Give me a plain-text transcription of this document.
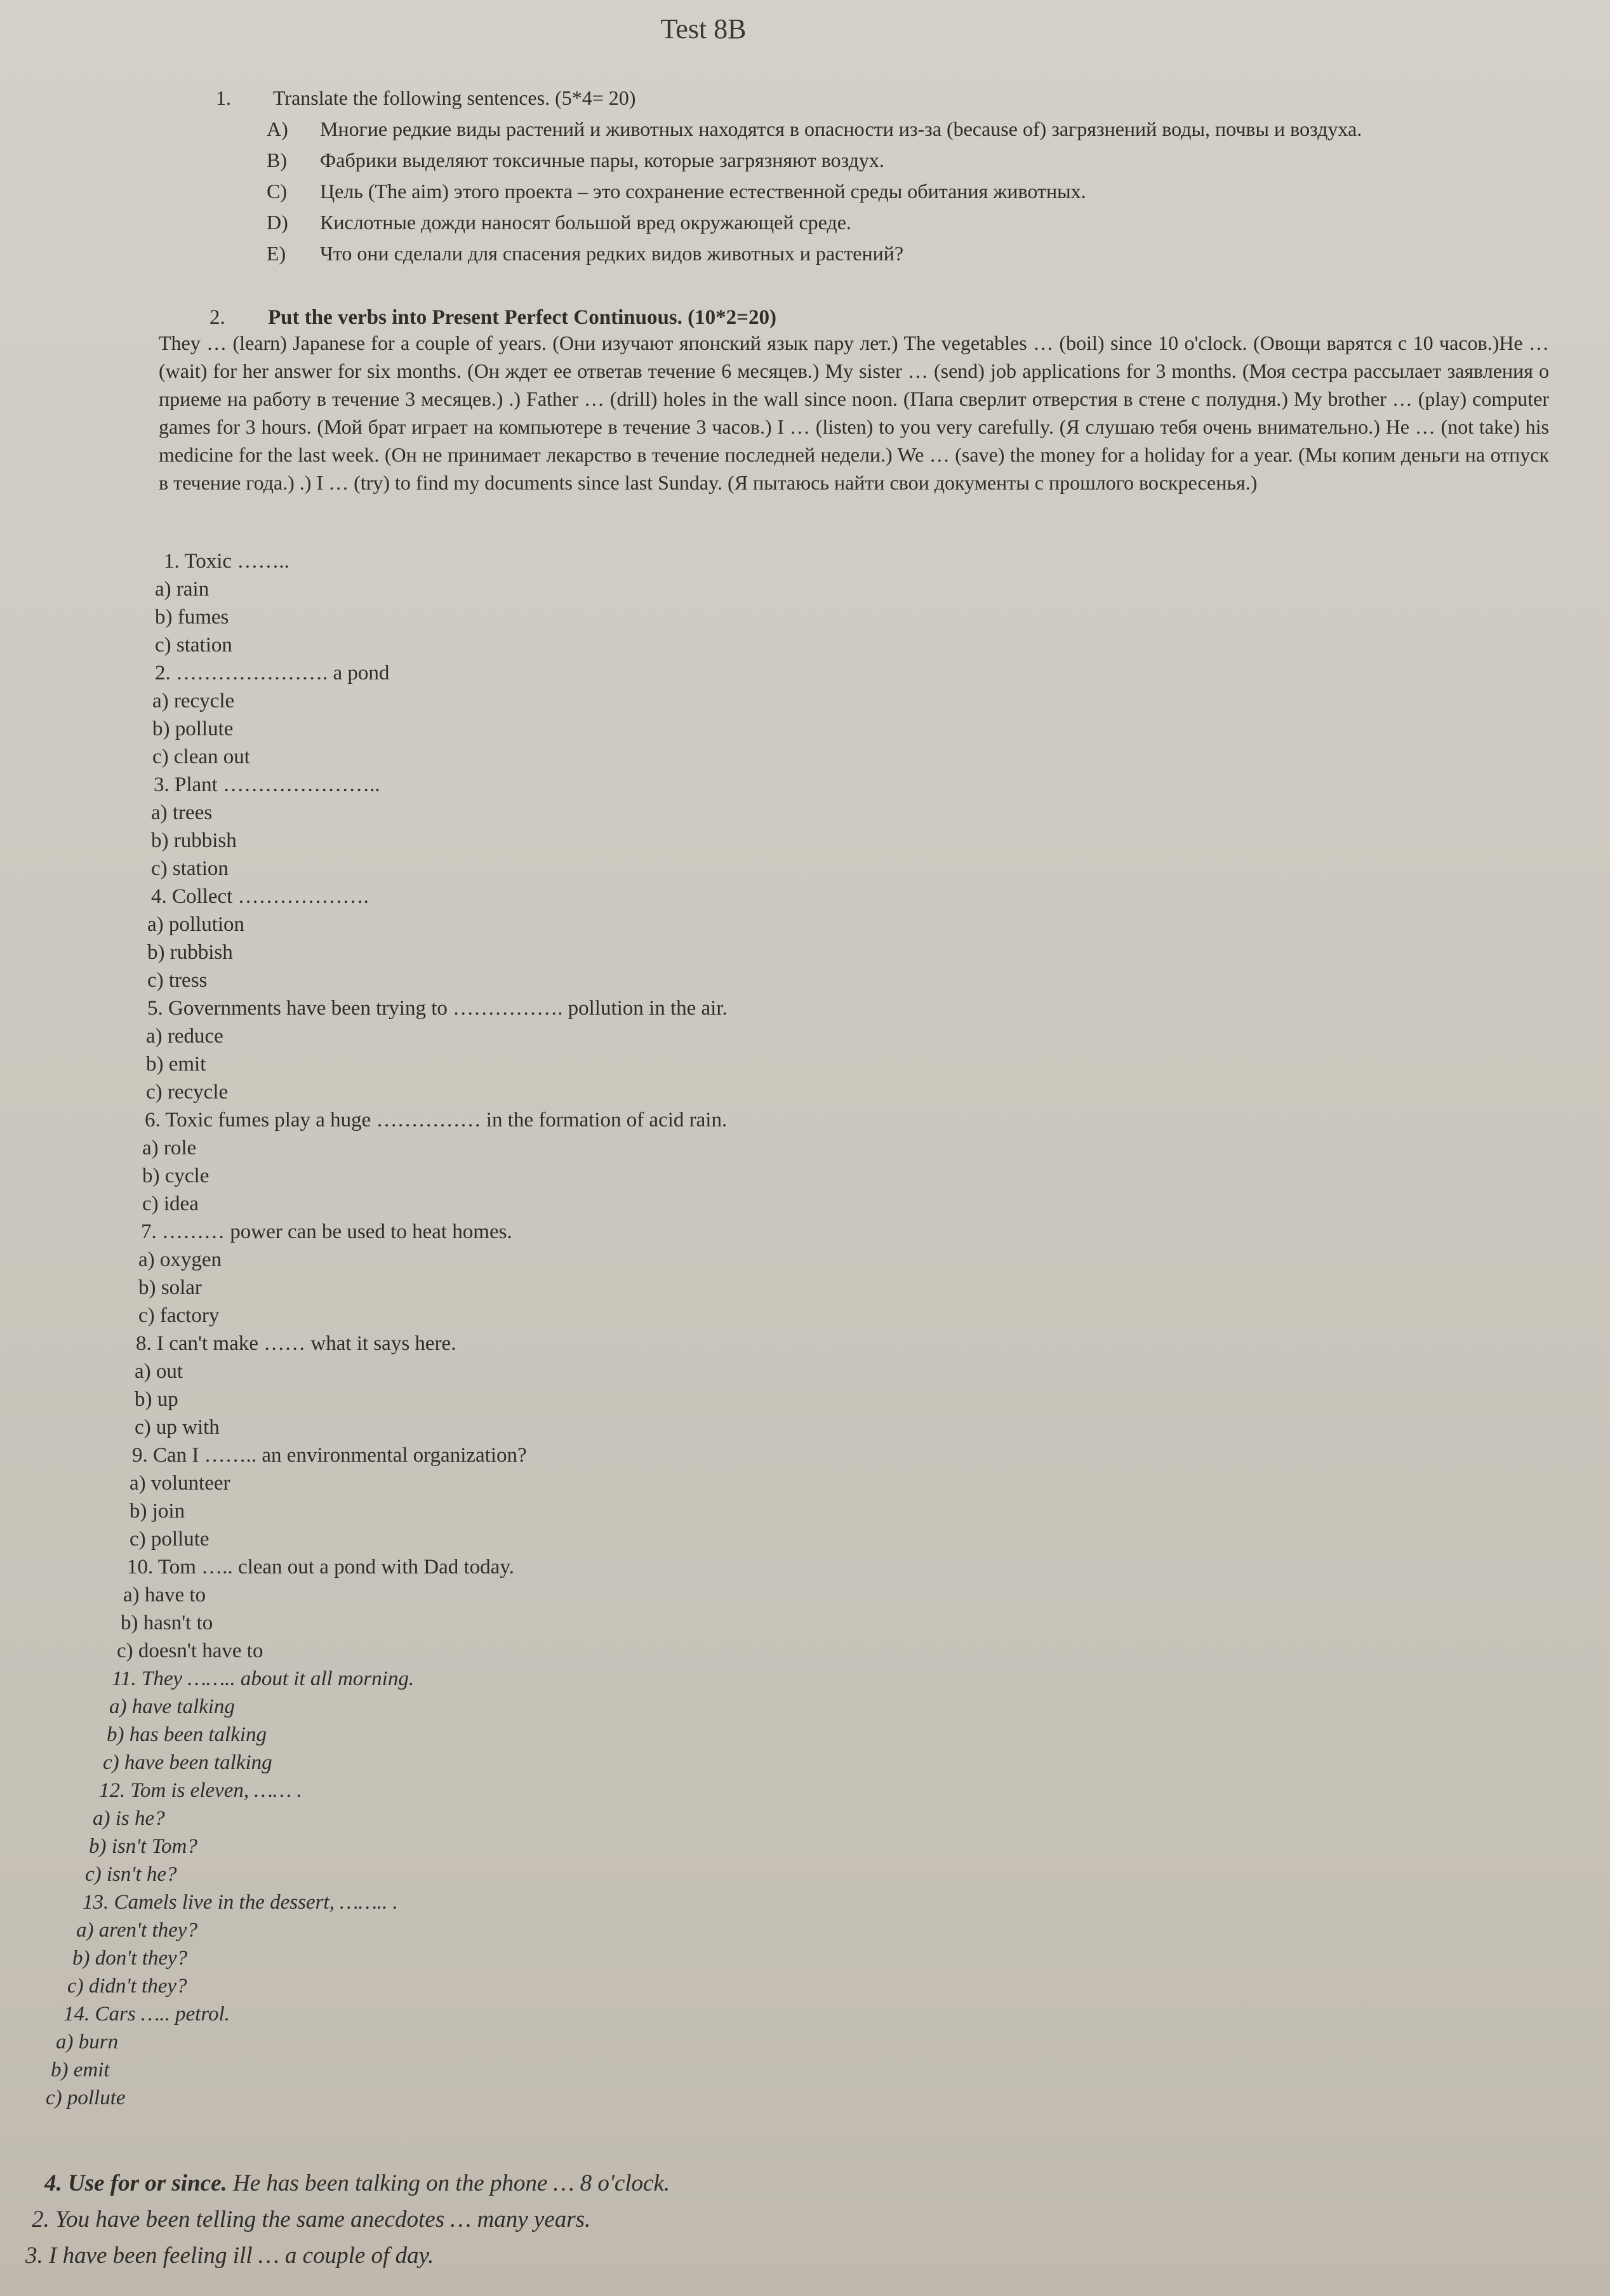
Test 8B
1.	Translate the following sentences. (5*4= 20)
A)	Многие редкие виды растений и животных находятся в опасности из-за (because of) загрязнений воды, почвы и воздуха.
B)	Фабрики выделяют токсичные пары, которые загрязняют воздух.
C)	Цель (The aim) этого проекта – это сохранение естественной среды обитания животных.
D)	Кислотные дожди наносят большой вред окружающей среде.
E)	Что они сделали для спасения редких видов животных и растений?
2. Put the verbs into Present Perfect Continuous. (10*2=20)
They … (learn) Japanese for a couple of years. (Они изучают японский язык пару лет.) The vegetables … (boil) since 10 o'clock. (Овощи варятся с 10 часов.)He … (wait) for her answer for six months. (Он ждет ее ответав течение 6 месяцев.) My sister … (send) job applications for 3 months. (Моя сестра рассылает заявления о приеме на работу в течение 3 месяцев.) .) Father … (drill) holes in the wall since noon. (Папа сверлит отверстия в стене с полудня.) My brother … (play) computer games for 3 hours. (Мой брат играет на компьютере в течение 3 часов.) I … (listen) to you very carefully. (Я слушаю тебя очень внимательно.) He … (not take) his medicine for the last week. (Он не принимает лекарство в течение последней недели.) We … (save) the money for a holiday for a year. (Мы копим деньги на отпуск в течение года.) .) I … (try) to find my documents since last Sunday. (Я пытаюсь найти свои документы с прошлого воскресенья.)
1. Toxic ……..
a) rain
b) fumes
c) station
2. …………………. a pond
a) recycle
b) pollute
c) clean out
3. Plant …………………..
a) trees
b) rubbish
c) station
4. Collect ……………….
a) pollution
b) rubbish
c) tress
5. Governments have been trying to ……………. pollution in the air.
a) reduce
b) emit
c) recycle
6. Toxic fumes play a huge …………… in the formation of acid rain.
a) role
b) cycle
c) idea
7. ……… power can be used to heat homes.
a) oxygen
b) solar
c) factory
8. I can't make …… what it says here.
a) out
b) up
c) up with
9. Can I …….. an environmental organization?
a) volunteer
b) join
c) pollute
10. Tom ….. clean out a pond with Dad today.
a) have to
b) hasn't to
c) doesn't have to
11. They …….. about it all morning.
a) have talking
b) has been talking
c) have been talking
12. Tom is eleven, …… .
a) is he?
b) isn't Tom?
c) isn't he?
13. Camels live in the dessert, …….. .
a) aren't they?
b) don't they?
c) didn't they?
14. Cars ….. petrol.
a) burn
b) emit
c) pollute
4. Use for or since. He has been talking on the phone … 8 o'clock.
2. You have been telling the same anecdotes … many years.
3. I have been feeling ill … a couple of day.
